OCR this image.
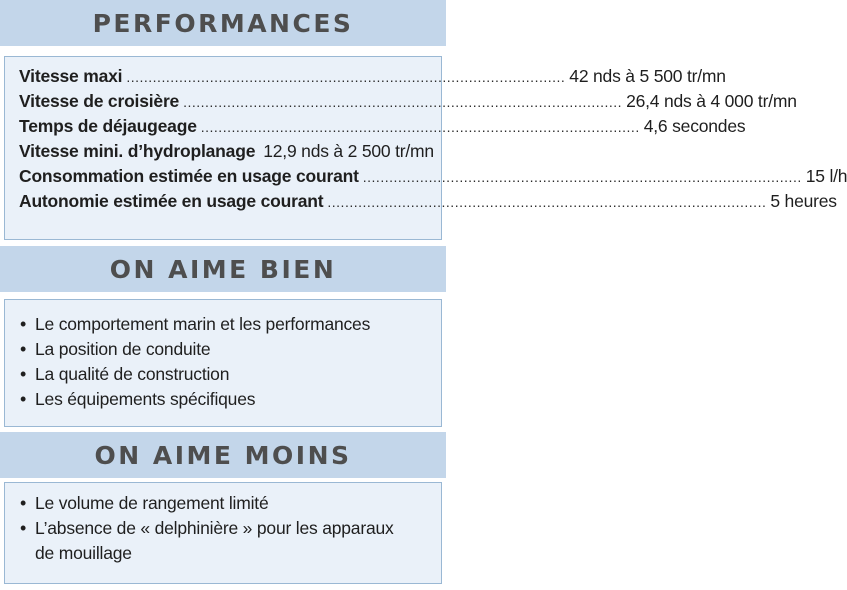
PERFORMANCES
Vitesse maxi .................................................................................................... 42 nds à 5 500 tr/mn
Vitesse de croisière .................................................................................................... 26,4 nds à 4 000 tr/mn
Temps de déjaugeage .................................................................................................... 4,6 secondes
Vitesse mini. d’hydroplanage 12,9 nds à 2 500 tr/mn
Consommation estimée en usage courant .................................................................................................... 15 l/h
Autonomie estimée en usage courant .................................................................................................... 5 heures
ON AIME BIEN
• Le comportement marin et les performances
• La position de conduite
• La qualité de construction
• Les équipements spécifiques
ON AIME MOINS
• Le volume de rangement limité
• L’absence de « delphinière » pour les apparaux de mouillage
